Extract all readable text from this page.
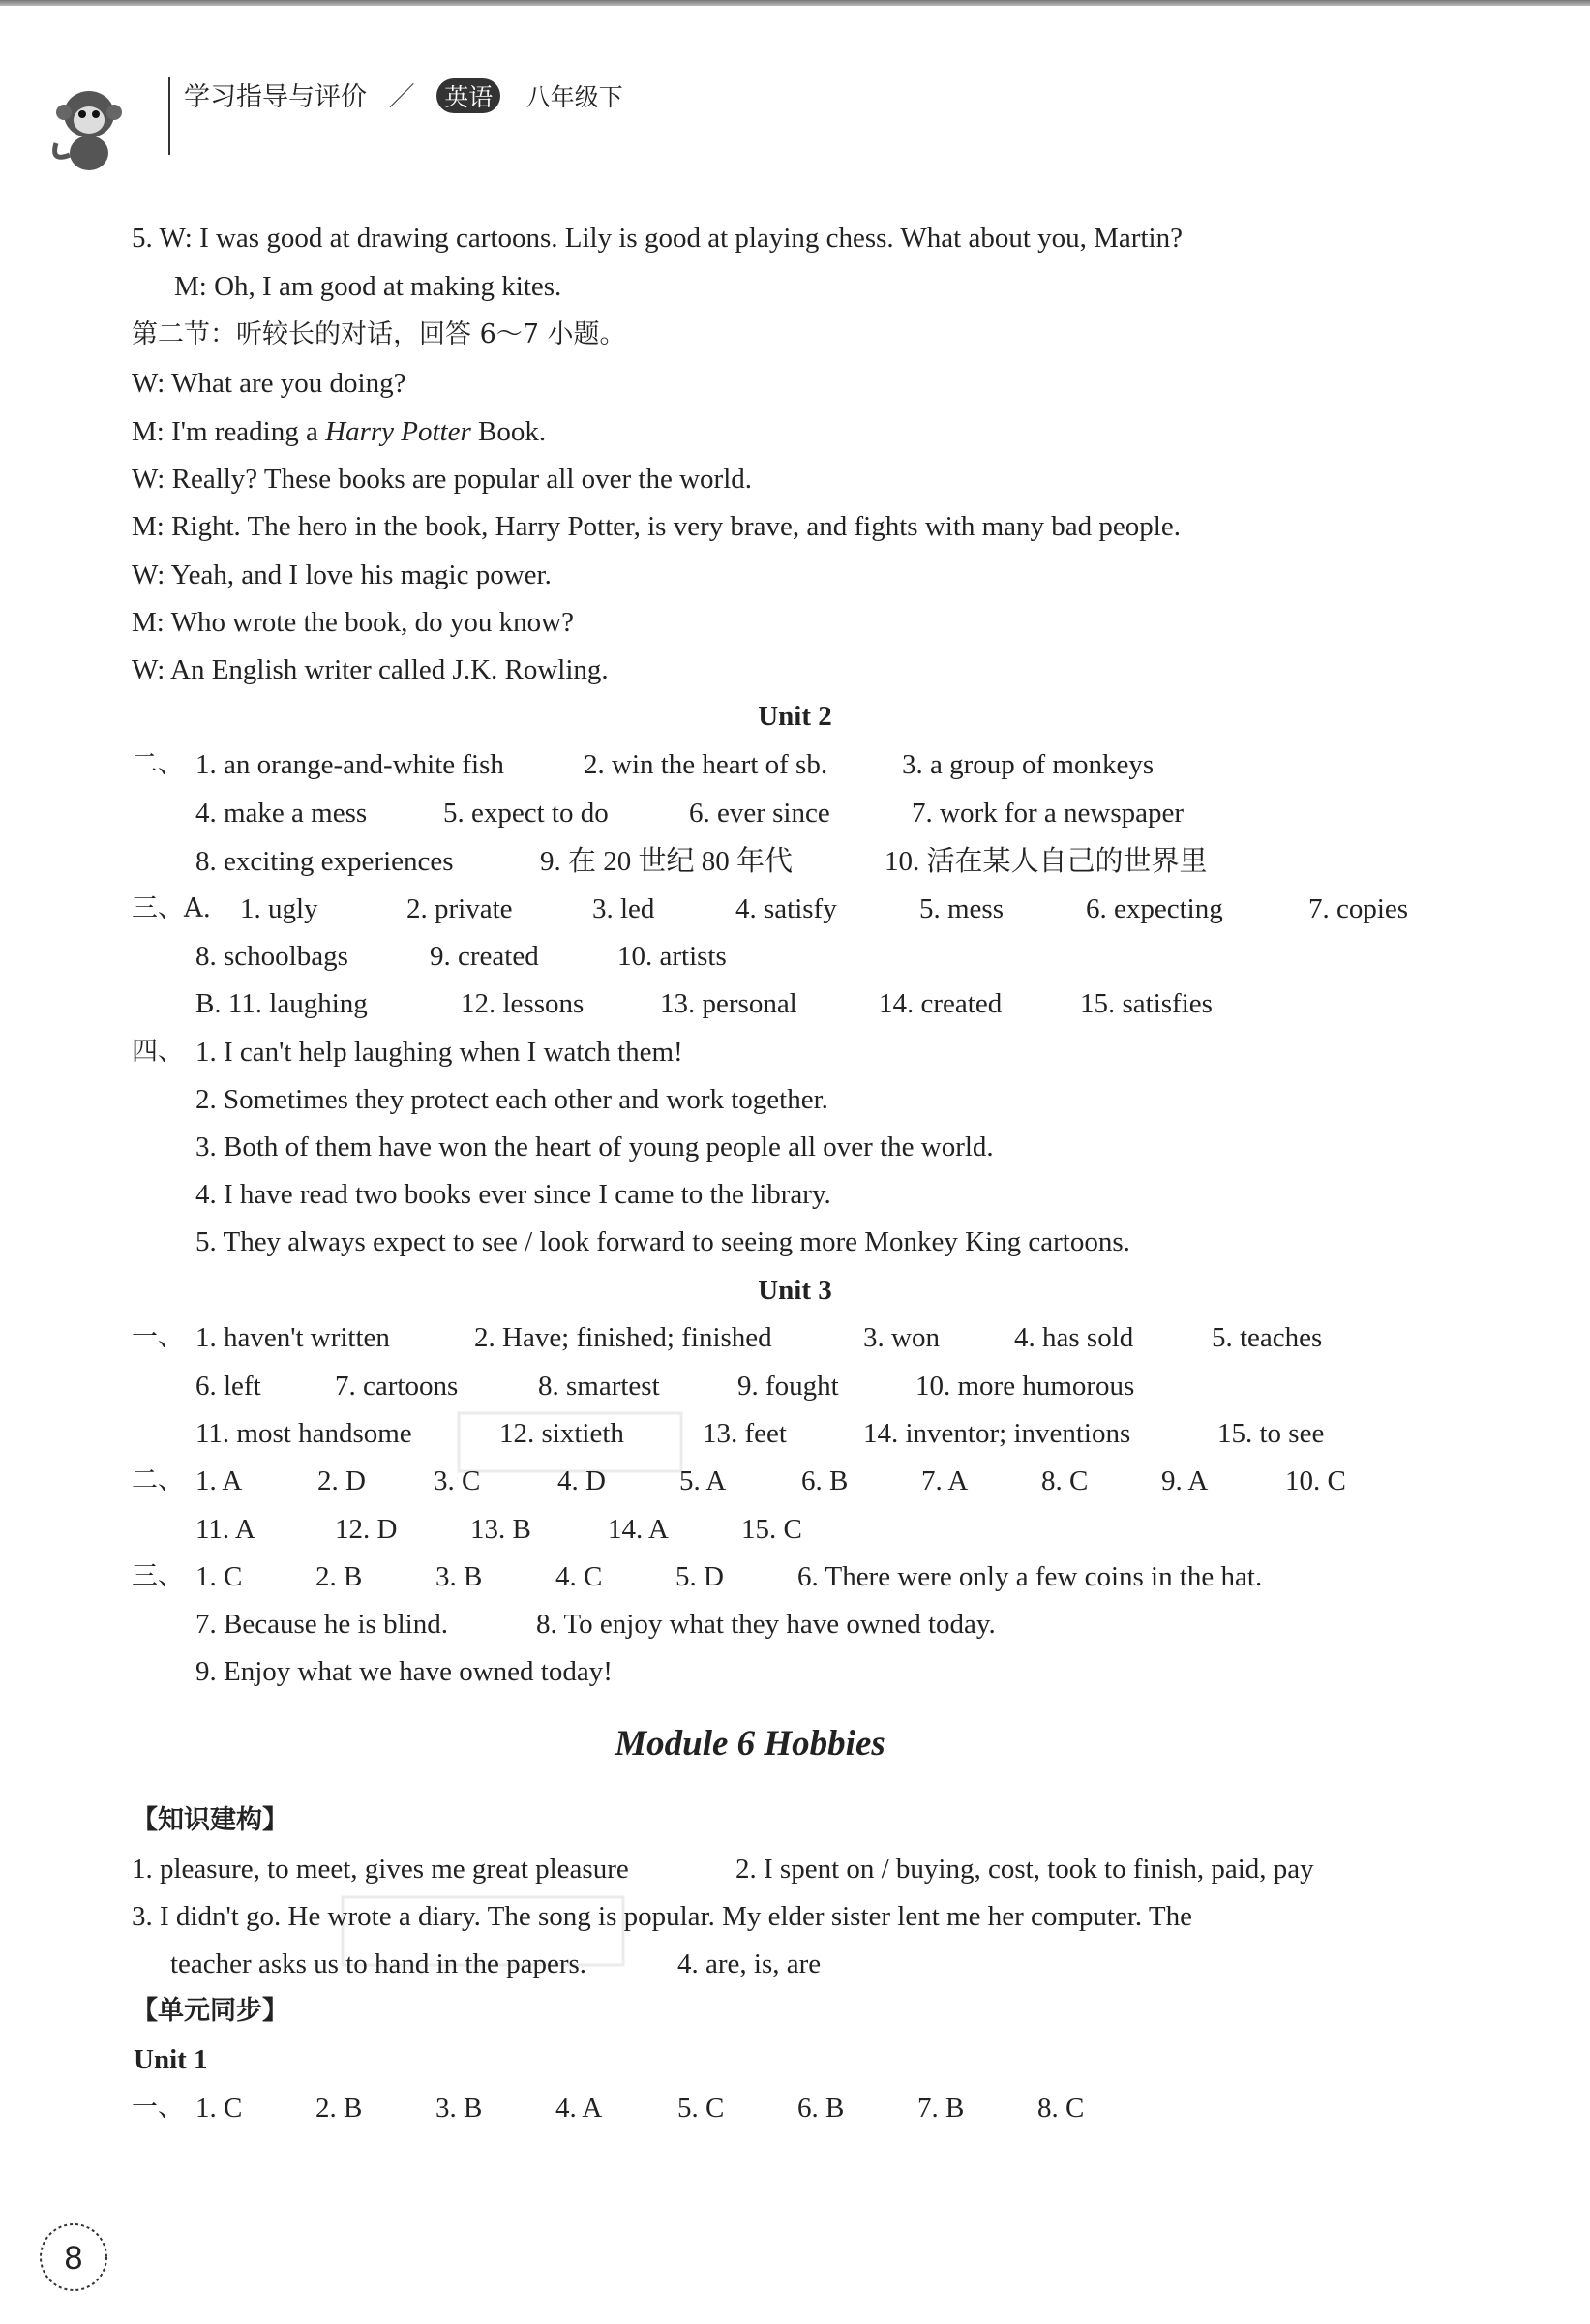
学习指导与评价 ／ 英语 八年级下
5. W: I was good at drawing cartoons. Lily is good at playing chess. What about you, Martin?
M: Oh, I am good at making kites.
第二节：听较长的对话，回答 6～7 小题。
W: What are you doing?
M: I'm reading a Harry Potter Book.
W: Really? These books are popular all over the world.
M: Right. The hero in the book, Harry Potter, is very brave, and fights with many bad people.
W: Yeah, and I love his magic power.
M: Who wrote the book, do you know?
W: An English writer called J.K. Rowling.
Unit 2
二、 1. an orange-and-white fish	2. win the heart of sb.	3. a group of monkeys
4. make a mess	5. expect to do	6. ever since	7. work for a newspaper
8. exciting experiences	9. 在 20 世纪 80 年代	10. 活在某人自己的世界里
三、A. 1. ugly	2. private	3. led	4. satisfy	5. mess	6. expecting	7. copies
8. schoolbags	9. created	10. artists
B. 11. laughing	12. lessons	13. personal	14. created	15. satisfies
四、 1. I can't help laughing when I watch them!
2. Sometimes they protect each other and work together.
3. Both of them have won the heart of young people all over the world.
4. I have read two books ever since I came to the library.
5. They always expect to see / look forward to seeing more Monkey King cartoons.
Unit 3
一、 1. haven't written	2. Have; finished; finished	3. won	4. has sold	5. teaches
6. left	7. cartoons	8. smartest	9. fought	10. more humorous
11. most handsome	12. sixtieth	13. feet	14. inventor; inventions	15. to see
二、 1. A	2. D 3. C	4. D	5. A	6. B	7. A	8. C	9. A	10. C
11. A	12. D	13. B	14. A	15. C
三、 1. C	2. B	3. B	4. C	5. D	6. There were only a few coins in the hat.
7. Because he is blind.	8. To enjoy what they have owned today.
9. Enjoy what we have owned today!
Module 6 Hobbies
【知识建构】
1. pleasure, to meet, gives me great pleasure	2. I spent on / buying, cost, took to finish, paid, pay
3. I didn't go. He wrote a diary. The song is popular. My elder sister lent me her computer. The
teacher asks us to hand in the papers.	4. are, is, are
【单元同步】
Unit 1
一、 1. C	2. B	3. B	4. A	5. C	6. B	7. B	8. C
8
